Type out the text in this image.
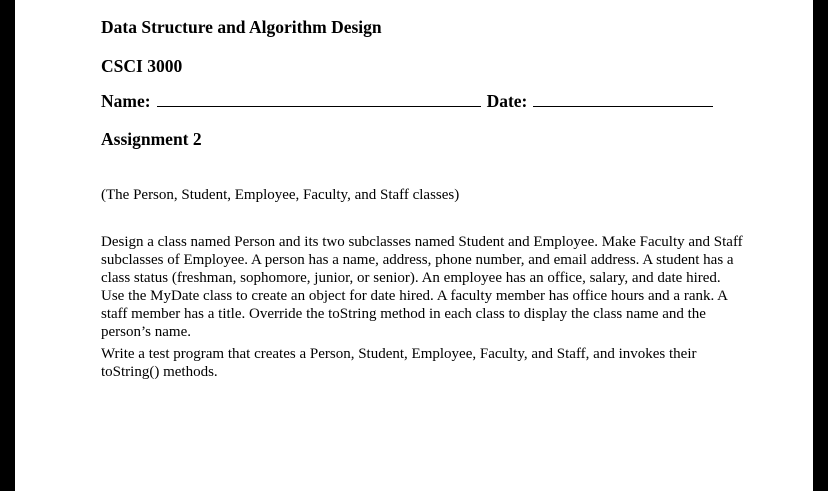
Data Structure and Algorithm Design
CSCI 3000
Name:	Date:
Assignment 2
(The Person, Student, Employee, Faculty, and Staff classes)

Design a class named Person and its two subclasses named Student and Employee. Make Faculty and Staff

subclasses of Employee. A person has a name, address, phone number, and email address. A student has a

class status (freshman, sophomore, junior, or senior). An employee has an office, salary, and date hired.

Use the MyDate class to create an object for date hired. A faculty member has office hours and a rank. A

staff member has a title. Override the toString method in each class to display the class name and the

person’s name.

Write a test program that creates a Person, Student, Employee, Faculty, and Staff, and invokes their

toString() methods.
